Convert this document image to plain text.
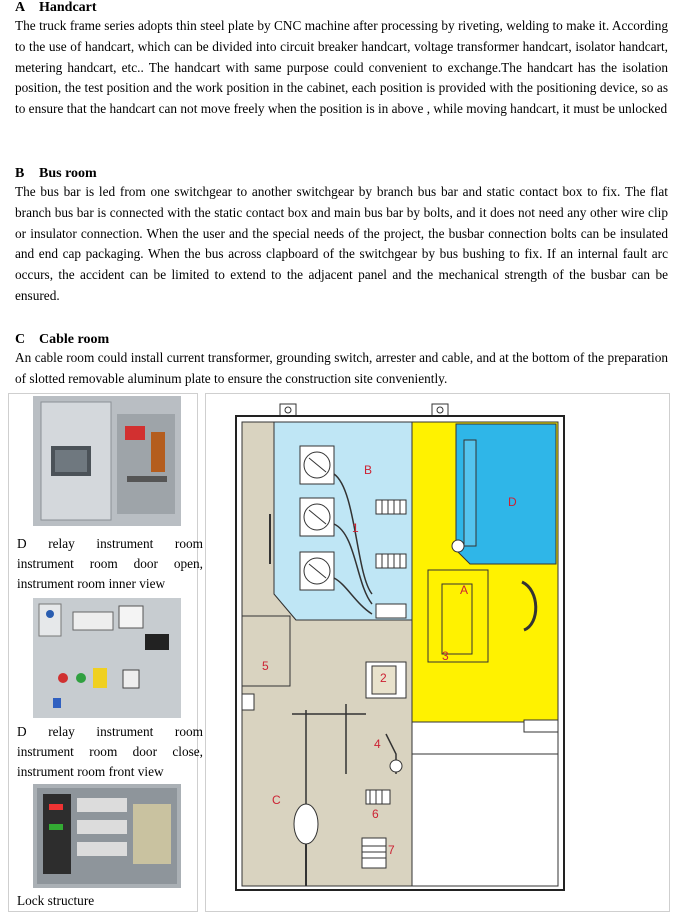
A Handcart

The truck frame series adopts thin steel plate by CNC machine after processing by riveting, welding to make it. According to the use of handcart, which can be divided into circuit breaker handcart, voltage transformer handcart, isolator handcart, metering handcart, etc.. The handcart with same purpose could convenient to exchange.The handcart has the isolation position, the test position and the work position in the cabinet, each position is provided with the positioning device, so as to ensure that the handcart can not move freely when the position is in above , while moving handcart, it must be unlocked

B Bus room

The bus bar is led from one switchgear to another switchgear by branch bus bar and static contact box to fix. The flat branch bus bar is connected with the static contact box and main bus bar by bolts, and it does not need any other wire clip or insulator connection. When the user and the special needs of the project, the busbar connection bolts can be insulated and end cap packaging. When the bus across clapboard of the switchgear by bus bushing to fix. If an internal fault arc occurs, the accident can be limited to extend to the adjacent panel and the mechanical strength of the busbar can be ensured.

C Cable room

An cable room could install current transformer, grounding switch, arrester and cable, and at the bottom of the preparation of slotted removable aluminum plate to ensure the construction site conveniently.

D relay instrument room instrument room door open, instrument room inner view
D relay instrument room instrument room door close, instrument room front view
Lock structure
B
D
A
C
1
2
3
4
5
6
7
